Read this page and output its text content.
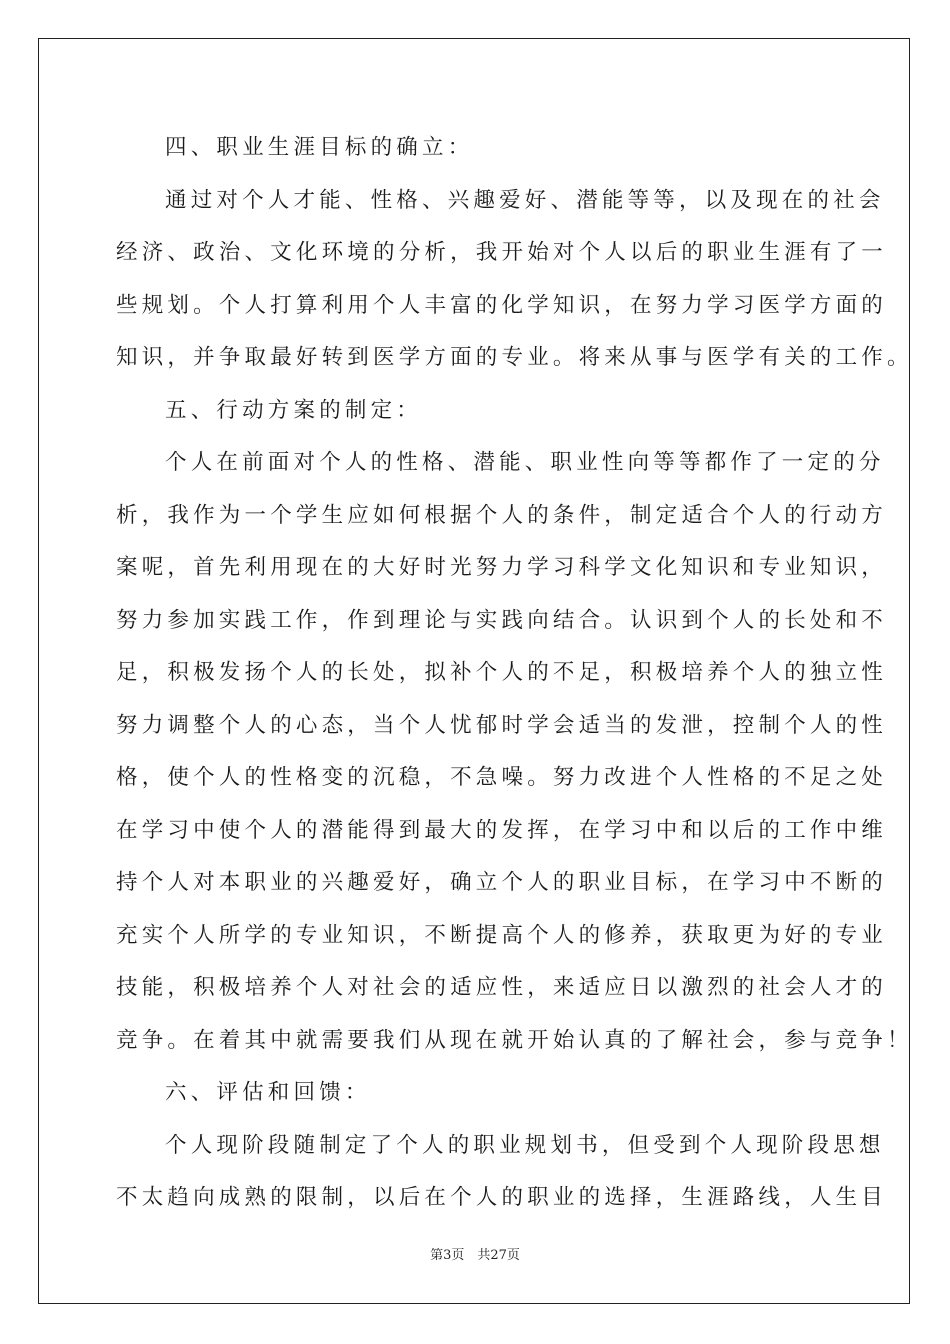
四、职业生涯目标的确立：
通过对个人才能、性格、兴趣爱好、潜能等等，以及现在的社会
经济、政治、文化环境的分析，我开始对个人以后的职业生涯有了一
些规划。个人打算利用个人丰富的化学知识，在努力学习医学方面的
知识，并争取最好转到医学方面的专业。将来从事与医学有关的工作。
五、行动方案的制定：
个人在前面对个人的性格、潜能、职业性向等等都作了一定的分
析，我作为一个学生应如何根据个人的条件，制定适合个人的行动方
案呢，首先利用现在的大好时光努力学习科学文化知识和专业知识，
努力参加实践工作，作到理论与实践向结合。认识到个人的长处和不
足，积极发扬个人的长处，拟补个人的不足，积极培养个人的独立性
努力调整个人的心态，当个人忧郁时学会适当的发泄，控制个人的性
格，使个人的性格变的沉稳，不急噪。努力改进个人性格的不足之处
在学习中使个人的潜能得到最大的发挥，在学习中和以后的工作中维
持个人对本职业的兴趣爱好，确立个人的职业目标，在学习中不断的
充实个人所学的专业知识，不断提高个人的修养，获取更为好的专业
技能，积极培养个人对社会的适应性，来适应日以激烈的社会人才的
竞争。在着其中就需要我们从现在就开始认真的了解社会，参与竞争！
六、评估和回馈：
个人现阶段随制定了个人的职业规划书，但受到个人现阶段思想
不太趋向成熟的限制，以后在个人的职业的选择，生涯路线，人生目
第3页　共27页
